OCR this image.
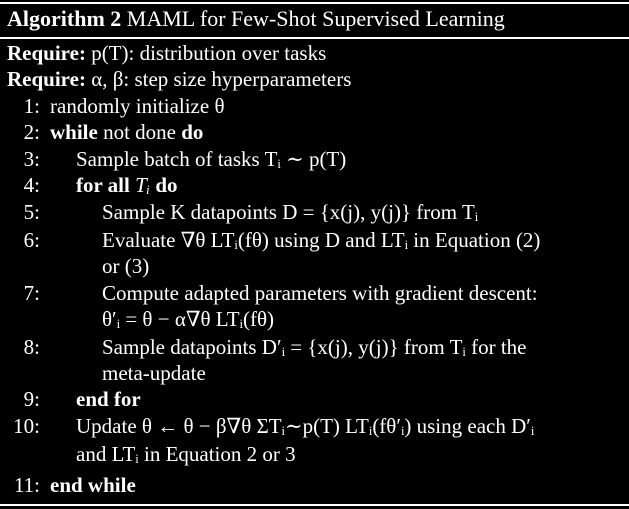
Algorithm 2 MAML for Few-Shot Supervised Learning
Require: p(T): distribution over tasks
Require: α, β: step size hyperparameters
1: randomly initialize θ
2: while not done do
3: Sample batch of tasks Tᵢ ∼ p(T)
4: for all Tᵢ do
5:	Sample K datapoints D = {x(j), y(j)} from Tᵢ
6:	Evaluate ∇θ LTᵢ(fθ) using D and LTᵢ in Equation (2)
or (3)
7:	Compute adapted parameters with gradient descent:
θ′ᵢ = θ − α∇θ LTᵢ(fθ)
8:	Sample datapoints D′ᵢ = {x(j), y(j)} from Tᵢ for the
meta-update
9: end for
10: Update θ ← θ − β∇θ ΣTᵢ∼p(T) LTᵢ(fθ′ᵢ) using each D′ᵢ
and LTᵢ in Equation 2 or 3
11: end while
